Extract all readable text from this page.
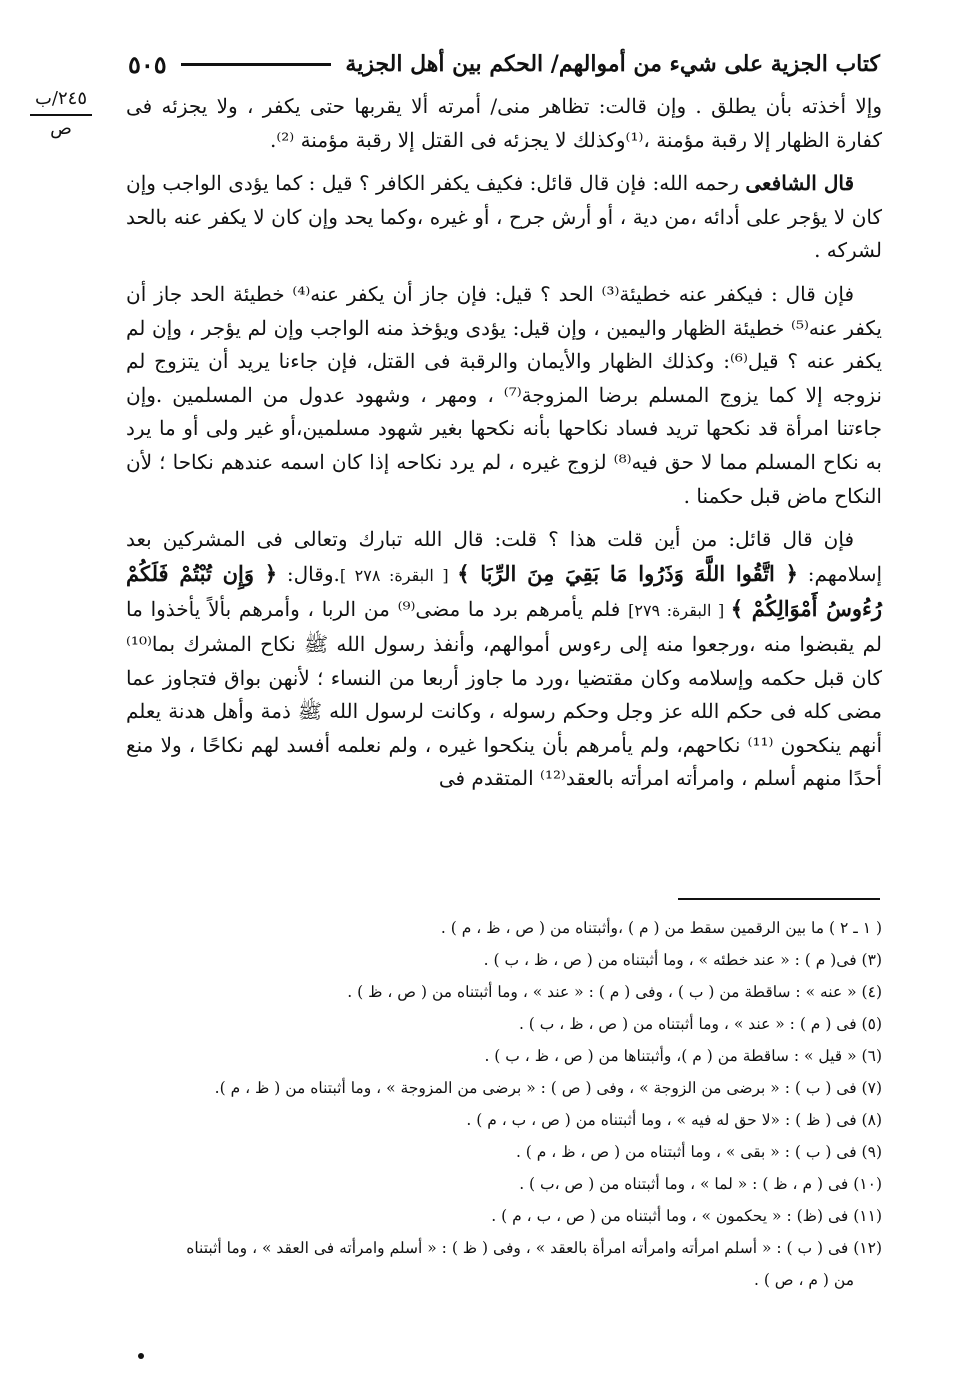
كتاب الجزية على شيء من أموالهم/ الحكم بين أهل الجزية
٥٠٥
٢٤٥/ب
ص

وإلا أخذته بأن يطلق . وإن قالت: تظاهر منى/ أمرته ألا يقربها حتى يكفر ، ولا يجزئه فى كفارة الظهار إلا رقبة مؤمنة ،⁽¹⁾وكذلك لا يجزئه فى القتل إلا رقبة مؤمنة ⁽²⁾.

قال الشافعى رحمه الله: فإن قال قائل: فكيف يكفر الكافر ؟ قيل : كما يؤدى الواجب وإن كان لا يؤجر على أدائه ،من دية ، أو أرش جرح ، أو غيره ،وكما يحد وإن كان لا يكفر عنه بالحد لشركه .

فإن قال : فيكفر عنه خطيئة⁽³⁾ الحد ؟ قيل: فإن جاز أن يكفر عنه⁽⁴⁾ خطيئة الحد جاز أن يكفر عنه⁽⁵⁾ خطيئة الظهار واليمين ، وإن قيل: يؤدى ويؤخذ منه الواجب وإن لم يؤجر ، وإن لم يكفر عنه ؟ قيل⁽⁶⁾: وكذلك الظهار والأيمان والرقبة فى القتل، فإن جاءنا يريد أن يتزوج لم نزوجه إلا كما يزوج المسلم برضا المزوجة⁽⁷⁾ ، ومهر ، وشهود عدول من المسلمين .وإن جاءتنا امرأة قد نكحها تريد فساد نكاحها بأنه نكحها بغير شهود مسلمين،أو غير ولى أو ما يرد به نكاح المسلم مما لا حق فيه⁽⁸⁾ لزوج غيره ، لم يرد نكاحه إذا كان اسمه عندهم نكاحا ؛ لأن النكاح ماض قبل حكمنا .

فإن قال قائل: من أين قلت هذا ؟ قلت: قال الله تبارك وتعالى فى المشركين بعد إسلامهم: ﴿ اتَّقُوا اللَّهَ وَذَرُوا مَا بَقِيَ مِنَ الرِّبَا ﴾ [ البقرة: ٢٧٨ ].وقال: ﴿ وَإِن تُبْتُمْ فَلَكُمْ رُءُوسُ أَمْوَالِكُمْ ﴾ [ البقرة: ٢٧٩] فلم يأمرهم برد ما مضى⁽⁹⁾ من الربا ، وأمرهم بألاً يأخذوا ما لم يقبضوا منه ،ورجعوا منه إلى رءوس أموالهم، وأنفذ رسول الله ﷺ نكاح المشرك بما⁽¹⁰⁾ كان قبل حكمه وإسلامه وكان مقتضيا ،ورد ما جاوز أربعا من النساء ؛ لأنهن بواق فتجاوز عما مضى كله فى حكم الله عز وجل وحكم رسوله ، وكانت لرسول الله ﷺ ذمة وأهل هدنة يعلم أنهم ينكحون ⁽¹¹⁾ نكاحهم، ولم يأمرهم بأن ينكحوا غيره ، ولم نعلمه أفسد لهم نكاحًا ، ولا منع أحدًا منهم أسلم ، وامرأته امرأته بالعقد⁽¹²⁾ المتقدم فى

( ١ ـ ٢ ) ما بين الرقمين سقط من ( م ) ،وأثبتناه من ( ص ، ظ ، م ) .

(٣) فى( م ) : « عند خطئه » ، وما أثبتناه من ( ص ، ظ ، ب ) .

(٤) « عنه » : ساقطة من ( ب ) ، وفى ( م ) : « عند » ، وما أثبتناه من ( ص ، ظ ) .

(٥) فى ( م ) : « عند » ، وما أثبتناه من ( ص ، ظ ، ب ) .

(٦) « قيل » : ساقطة من ( م )، وأثبتناها من ( ص ، ظ ، ب ) .

(٧) فى ( ب ) : « برضى من الزوجة » ، وفى ( ص ) : « برضى من المزوجة » ، وما أثبتناه من ( ظ ، م ).

(٨) فى ( ظ ) : «لا حق له فيه » ، وما أثبتناه من ( ص ، ب ، م ) .

(٩) فى ( ب ) : « بقى » ، وما أثبتناه من ( ص ، ظ ، م ) .

(١٠) فى ( م ، ظ ) : « لما » ، وما أثبتناه من ( ص ،ب ) .

(١١) فى (ظ) : « يحكمون » ، وما أثبتناه من ( ص ، ب ، م ) .

(١٢) فى ( ب ) : « أسلم امرأته وامرأته امرأة بالعقد » ، وفى ( ظ ) : « أسلم وامرأته فى العقد » ، وما أثبتناه

من ( م ، ص ) .
